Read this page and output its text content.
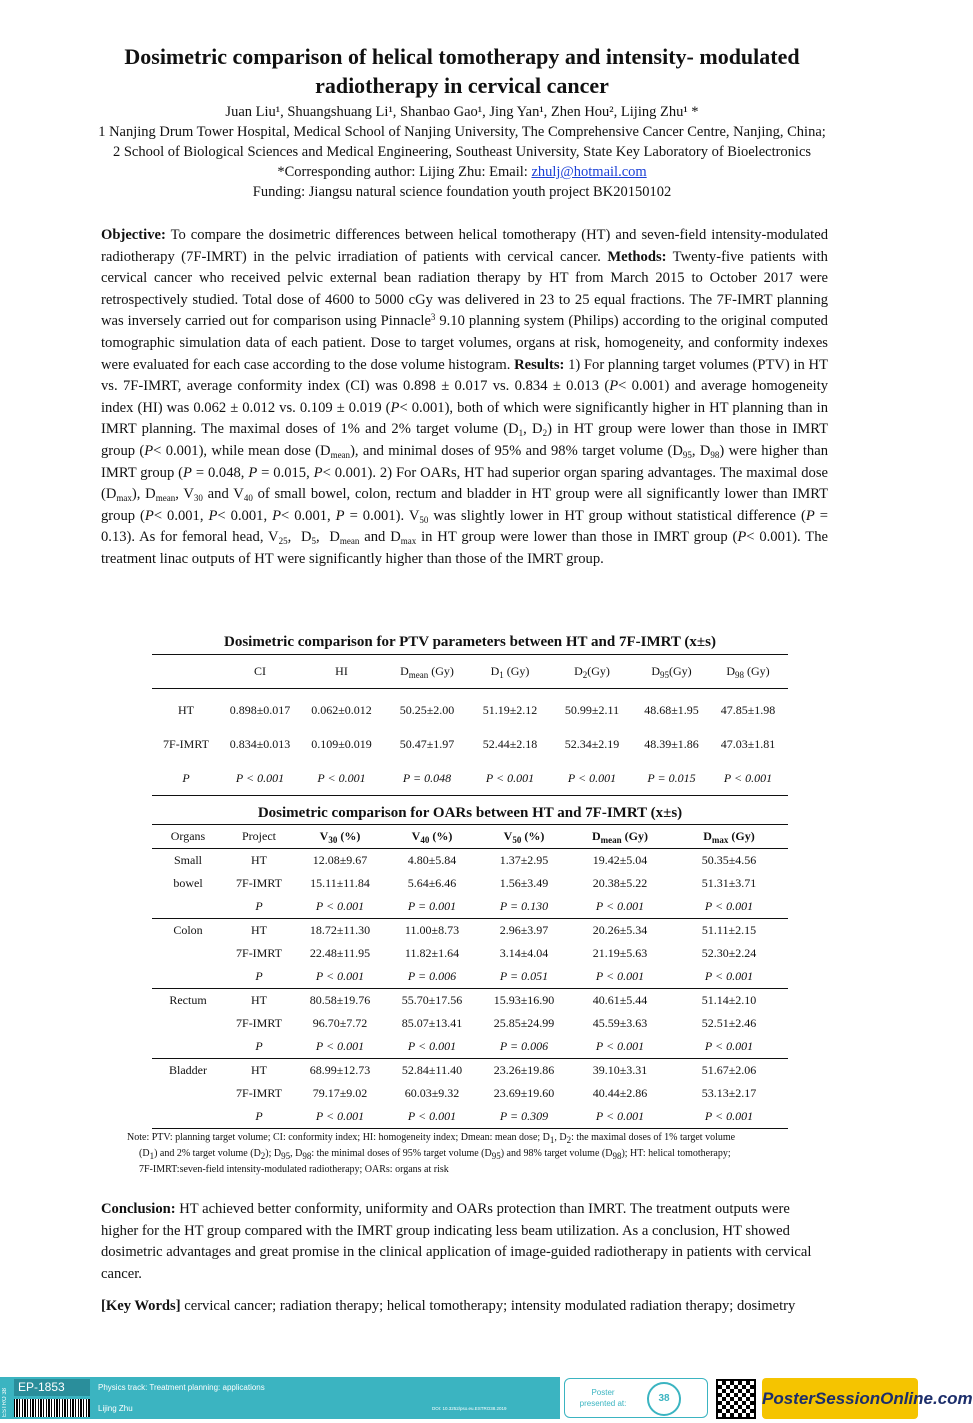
Dosimetric comparison of helical tomotherapy and intensity- modulated radiotherapy in cervical cancer
Juan Liu¹, Shuangshuang Li¹, Shanbao Gao¹, Jing Yan¹, Zhen Hou², Lijing Zhu¹ *
1 Nanjing Drum Tower Hospital, Medical School of Nanjing University, The Comprehensive Cancer Centre, Nanjing, China;
2 School of Biological Sciences and Medical Engineering, Southeast University, State Key Laboratory of Bioelectronics
*Corresponding author: Lijing Zhu: Email: zhulj@hotmail.com
Funding: Jiangsu natural science foundation youth project BK20150102
Objective: To compare the dosimetric differences between helical tomotherapy (HT) and seven-field intensity-modulated radiotherapy (7F-IMRT) in the pelvic irradiation of patients with cervical cancer. Methods: Twenty-five patients with cervical cancer who received pelvic external bean radiation therapy by HT from March 2015 to October 2017 were retrospectively studied. Total dose of 4600 to 5000 cGy was delivered in 23 to 25 equal fractions. The 7F-IMRT planning was inversely carried out for comparison using Pinnacle$^3$ 9.10 planning system (Philips) according to the original computed tomographic simulation data of each patient. Dose to target volumes, organs at risk, homogeneity, and conformity indexes were evaluated for each case according to the dose volume histogram. Results: 1) For planning target volumes (PTV) in HT vs. 7F-IMRT, average conformity index (CI) was 0.898 ± 0.017 vs. 0.834 ± 0.013 (P< 0.001) and average homogeneity index (HI) was 0.062 ± 0.012 vs. 0.109 ± 0.019 (P< 0.001), both of which were significantly higher in HT planning than in IMRT planning. The maximal doses of 1% and 2% target volume ($D_1$, $D_2$) in HT group were lower than those in IMRT group (P< 0.001), while mean dose $(D_{mean})$, and minimal doses of 95% and 98% target volume ($D_{95}$, $D_{98}$) were higher than IMRT group (P = 0.048, P = 0.015, P< 0.001). 2) For OARs, HT had superior organ sparing advantages. The maximal dose $(D_{max})$, $D_{mean}$, $V_{30}$ and $V_{40}$ of small bowel, colon, rectum and bladder in HT group were all significantly lower than IMRT group (P< 0.001, P< 0.001, P< 0.001, P = 0.001). $V_{50}$ was slightly lower in HT group without statistical difference (P = 0.13). As for femoral head, $V_{25}$,  $D_5$,  $D_{mean}$ and $D_{max}$ in HT group were lower than those in IMRT group (P< 0.001). The treatment linac outputs of HT were significantly higher than those of the IMRT group.
Dosimetric comparison for PTV parameters between HT and 7F-IMRT (x±s)
	CI	HI	$D_{mean}$ (Gy)	$D_1$ (Gy)	$D_2(Gy)$	$D_{95}(Gy)$	$D_{98}$ (Gy)
HT	0.898±0.017	0.062±0.012	50.25±2.00	51.19±2.12	50.99±2.11	48.68±1.95	47.85±1.98
7F-IMRT	0.834±0.013	0.109±0.019	50.47±1.97	52.44±2.18	52.34±2.19	48.39±1.86	47.03±1.81
P	P < 0.001	P < 0.001	P = 0.048	P < 0.001	P < 0.001	P = 0.015	P < 0.001
Dosimetric comparison for OARs between HT and 7F-IMRT (x±s)
Organs	Project	$V_{30}$ (%)	$V_{40}$ (%)	$V_{50}$ (%)	$D_{mean}$ (Gy)	$D_{max}$ (Gy)
Small	HT	12.08±9.67	4.80±5.84	1.37±2.95	19.42±5.04	50.35±4.56
bowel	7F-IMRT	15.11±11.84	5.64±6.46	1.56±3.49	20.38±5.22	51.31±3.71
	P	P < 0.001	P = 0.001	P = 0.130	P < 0.001	P < 0.001
Colon	HT	18.72±11.30	11.00±8.73	2.96±3.97	20.26±5.34	51.11±2.15
	7F-IMRT	22.48±11.95	11.82±1.64	3.14±4.04	21.19±5.63	52.30±2.24
	P	P < 0.001	P = 0.006	P = 0.051	P < 0.001	P < 0.001
Rectum	HT	80.58±19.76	55.70±17.56	15.93±16.90	40.61±5.44	51.14±2.10
	7F-IMRT	96.70±7.72	85.07±13.41	25.85±24.99	45.59±3.63	52.51±2.46
	P	P < 0.001	P < 0.001	P = 0.006	P < 0.001	P < 0.001
Bladder	HT	68.99±12.73	52.84±11.40	23.26±19.86	39.10±3.31	51.67±2.06
	7F-IMRT	79.17±9.02	60.03±9.32	23.69±19.60	40.44±2.86	53.13±2.17
	P	P < 0.001	P < 0.001	P = 0.309	P < 0.001	P < 0.001
Note: PTV: planning target volume; CI: conformity index; HI: homogeneity index; Dmean: mean dose; $D_1$, $D_2$: the maximal doses of 1% target volume
$(D_1)$ and 2% target volume $(D_2)$; $D_{95}$, $D_{98}$: the minimal doses of 95% target volume $(D_{95})$ and 98% target volume $(D_{98})$; HT: helical tomotherapy;
7F-IMRT:seven-field intensity-modulated radiotherapy; OARs: organs at risk
Conclusion: HT achieved better conformity, uniformity and OARs protection than IMRT. The treatment outputs were higher for the HT group compared with the IMRT group indicating less beam utilization. As a conclusion, HT showed dosimetric advantages and great promise in the clinical application of image-guided radiotherapy in patients with cervical cancer.
[Key Words] cervical cancer; radiation therapy; helical tomotherapy; intensity modulated radiation therapy; dosimetry
ESTRO 38
EP-1853	Physics track: Treatment planning: applications
Lijing Zhu	DOI: 10.3252/pso.eu.ESTRO38.2019
Poster presented at:	38	PosterSessionOnline.com
